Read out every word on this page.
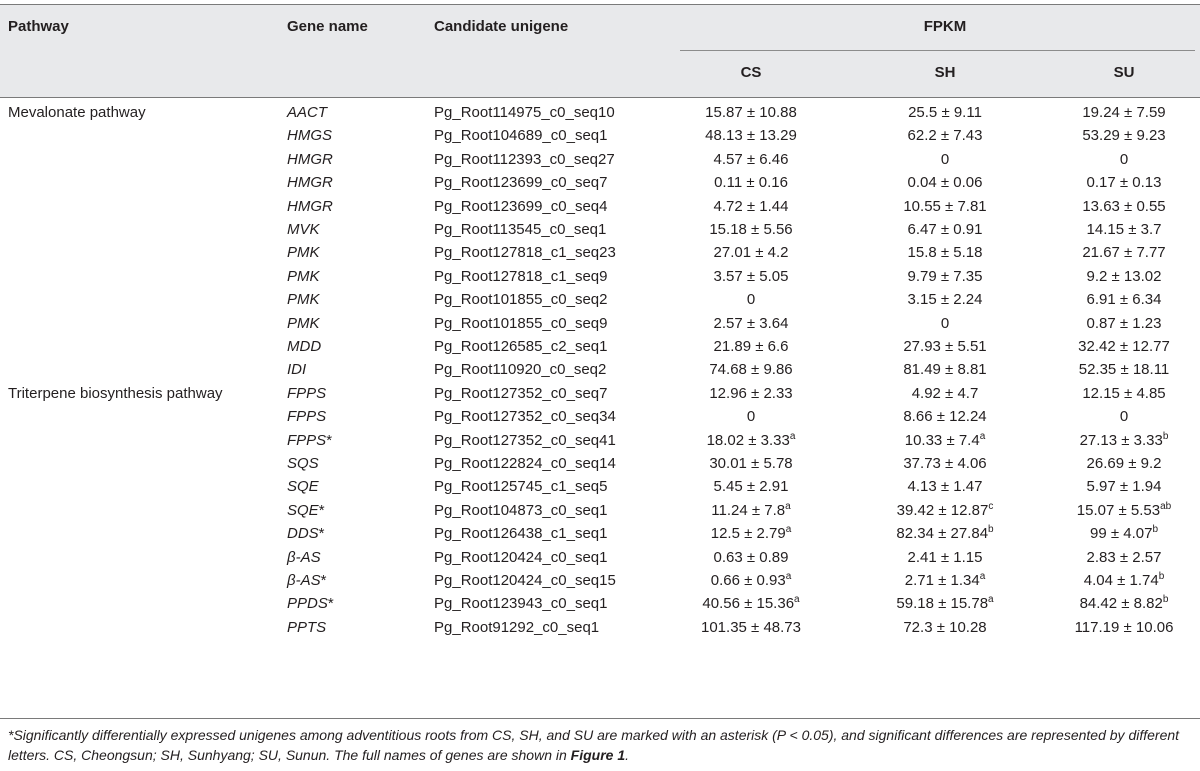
Pathway	Gene name	Candidate unigene	FPKM
CS	SH	SU
Mevalonate pathway	AACT	Pg_Root114975_c0_seq10	15.87 ± 10.88	25.5 ± 9.11	19.24 ± 7.59
HMGS	Pg_Root104689_c0_seq1	48.13 ± 13.29	62.2 ± 7.43	53.29 ± 9.23
HMGR	Pg_Root112393_c0_seq27	4.57 ± 6.46	0	0
HMGR	Pg_Root123699_c0_seq7	0.11 ± 0.16	0.04 ± 0.06	0.17 ± 0.13
HMGR	Pg_Root123699_c0_seq4	4.72 ± 1.44	10.55 ± 7.81	13.63 ± 0.55
MVK	Pg_Root113545_c0_seq1	15.18 ± 5.56	6.47 ± 0.91	14.15 ± 3.7
PMK	Pg_Root127818_c1_seq23	27.01 ± 4.2	15.8 ± 5.18	21.67 ± 7.77
PMK	Pg_Root127818_c1_seq9	3.57 ± 5.05	9.79 ± 7.35	9.2 ± 13.02
PMK	Pg_Root101855_c0_seq2	0	3.15 ± 2.24	6.91 ± 6.34
PMK	Pg_Root101855_c0_seq9	2.57 ± 3.64	0	0.87 ± 1.23
MDD	Pg_Root126585_c2_seq1	21.89 ± 6.6	27.93 ± 5.51	32.42 ± 12.77
IDI	Pg_Root110920_c0_seq2	74.68 ± 9.86	81.49 ± 8.81	52.35 ± 18.11
Triterpene biosynthesis pathway	FPPS	Pg_Root127352_c0_seq7	12.96 ± 2.33	4.92 ± 4.7	12.15 ± 4.85
FPPS	Pg_Root127352_c0_seq34	0	8.66 ± 12.24	0
FPPS*	Pg_Root127352_c0_seq41	18.02 ± 3.33$^a$	10.33 ± 7.4$^a$	27.13 ± 3.33$^b$
SQS	Pg_Root122824_c0_seq14	30.01 ± 5.78	37.73 ± 4.06	26.69 ± 9.2
SQE	Pg_Root125745_c1_seq5	5.45 ± 2.91	4.13 ± 1.47	5.97 ± 1.94
SQE*	Pg_Root104873_c0_seq1	11.24 ± 7.8$^a$	39.42 ± 12.87$^c$	15.07 ± 5.53$^{ab}$
DDS*	Pg_Root126438_c1_seq1	12.5 ± 2.79$^a$	82.34 ± 27.84$^b$	99 ± 4.07$^b$
β-AS	Pg_Root120424_c0_seq1	0.63 ± 0.89	2.41 ± 1.15	2.83 ± 2.57
β-AS*	Pg_Root120424_c0_seq15	0.66 ± 0.93$^a$	2.71 ± 1.34$^a$	4.04 ± 1.74$^b$
PPDS*	Pg_Root123943_c0_seq1	40.56 ± 15.36$^a$	59.18 ± 15.78$^a$	84.42 ± 8.82$^b$
PPTS	Pg_Root91292_c0_seq1	101.35 ± 48.73	72.3 ± 10.28	117.19 ± 10.06
*Significantly differentially expressed unigenes among adventitious roots from CS, SH, and SU are marked with an asterisk (P < 0.05), and significant differences are represented by different letters. CS, Cheongsun; SH, Sunhyang; SU, Sunun. The full names of genes are shown in Figure 1.
